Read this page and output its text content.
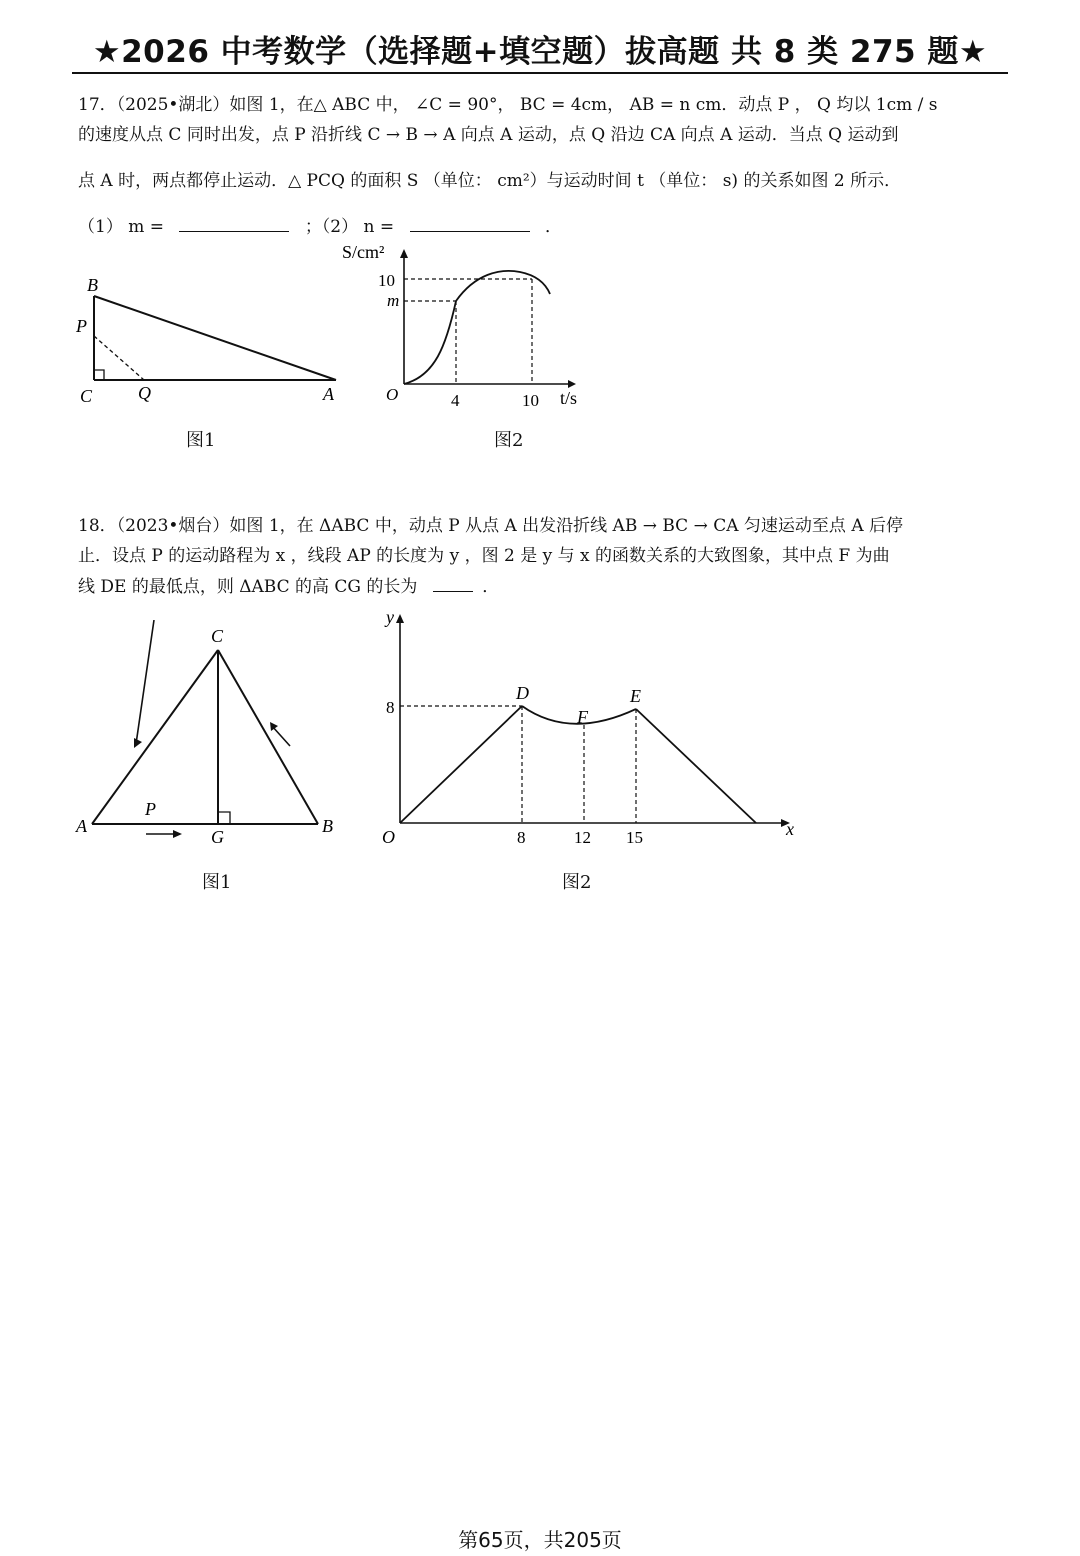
★2026 中考数学（选择题+填空题）拔高题 共 8 类 275 题★
17．（2025•湖北）如图 1，在△ ABC 中， ∠C = 90°， BC = 4cm， AB = n cm．动点 P ， Q 均以 1cm / s
的速度从点 C 同时出发，点 P 沿折线 C → B → A 向点 A 运动，点 Q 沿边 CA 向点 A 运动．当点 Q 运动到
点 A 时，两点都停止运动．△ PCQ 的面积 S （单位： cm²）与运动时间 t （单位： s) 的关系如图 2 所示．
（1） m =	；（2） n =	．
B
P
C	Q	A
图1
S/cm²
10
m
O	4	10 t/s
图2
18．（2023•烟台）如图 1，在 ΔABC 中，动点 P 从点 A 出发沿折线 AB → BC → CA 匀速运动至点 A 后停
止．设点 P 的运动路程为 x ，线段 AP 的长度为 y ，图 2 是 y 与 x 的函数关系的大致图象，其中点 F 为曲
线 DE 的最低点，则 ΔABC 的高 CG 的长为	．
C
A	B
G
P
图1
y
8
O	8	12 15	x
D
F
E
图2
第65页，共205页
